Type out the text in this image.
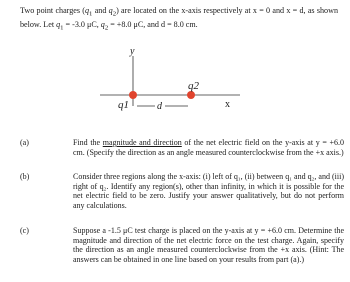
Two point charges ($q_1$ and $q_2$) are located on the x-axis respectively at x = 0 and x = d, as shown below. Let $q_1 = -3.0$ μC, $q_2 = +8.0$ μC, and d = 8.0 cm.
y
x
q1
q2
d
(a)	Find the magnitude and direction of the net electric field on the y-axis at y = +6.0 cm. (Specify the direction as an angle measured counterclockwise from the +x axis.)
(b)	Consider three regions along the x-axis: (i) left of q₁, (ii) between q₁ and q₂, and (iii) right of q₂. Identify any region(s), other than infinity, in which it is possible for the net electric field to be zero. Justify your answer qualitatively, but do not perform any calculations.
(c)	Suppose a -1.5 μC test charge is placed on the y-axis at y = +6.0 cm. Determine the magnitude and direction of the net electric force on the test charge. Again, specify the direction as an angle measured counterclockwise from the +x axis. (Hint: The answers can be obtained in one line based on your results from part (a).)
